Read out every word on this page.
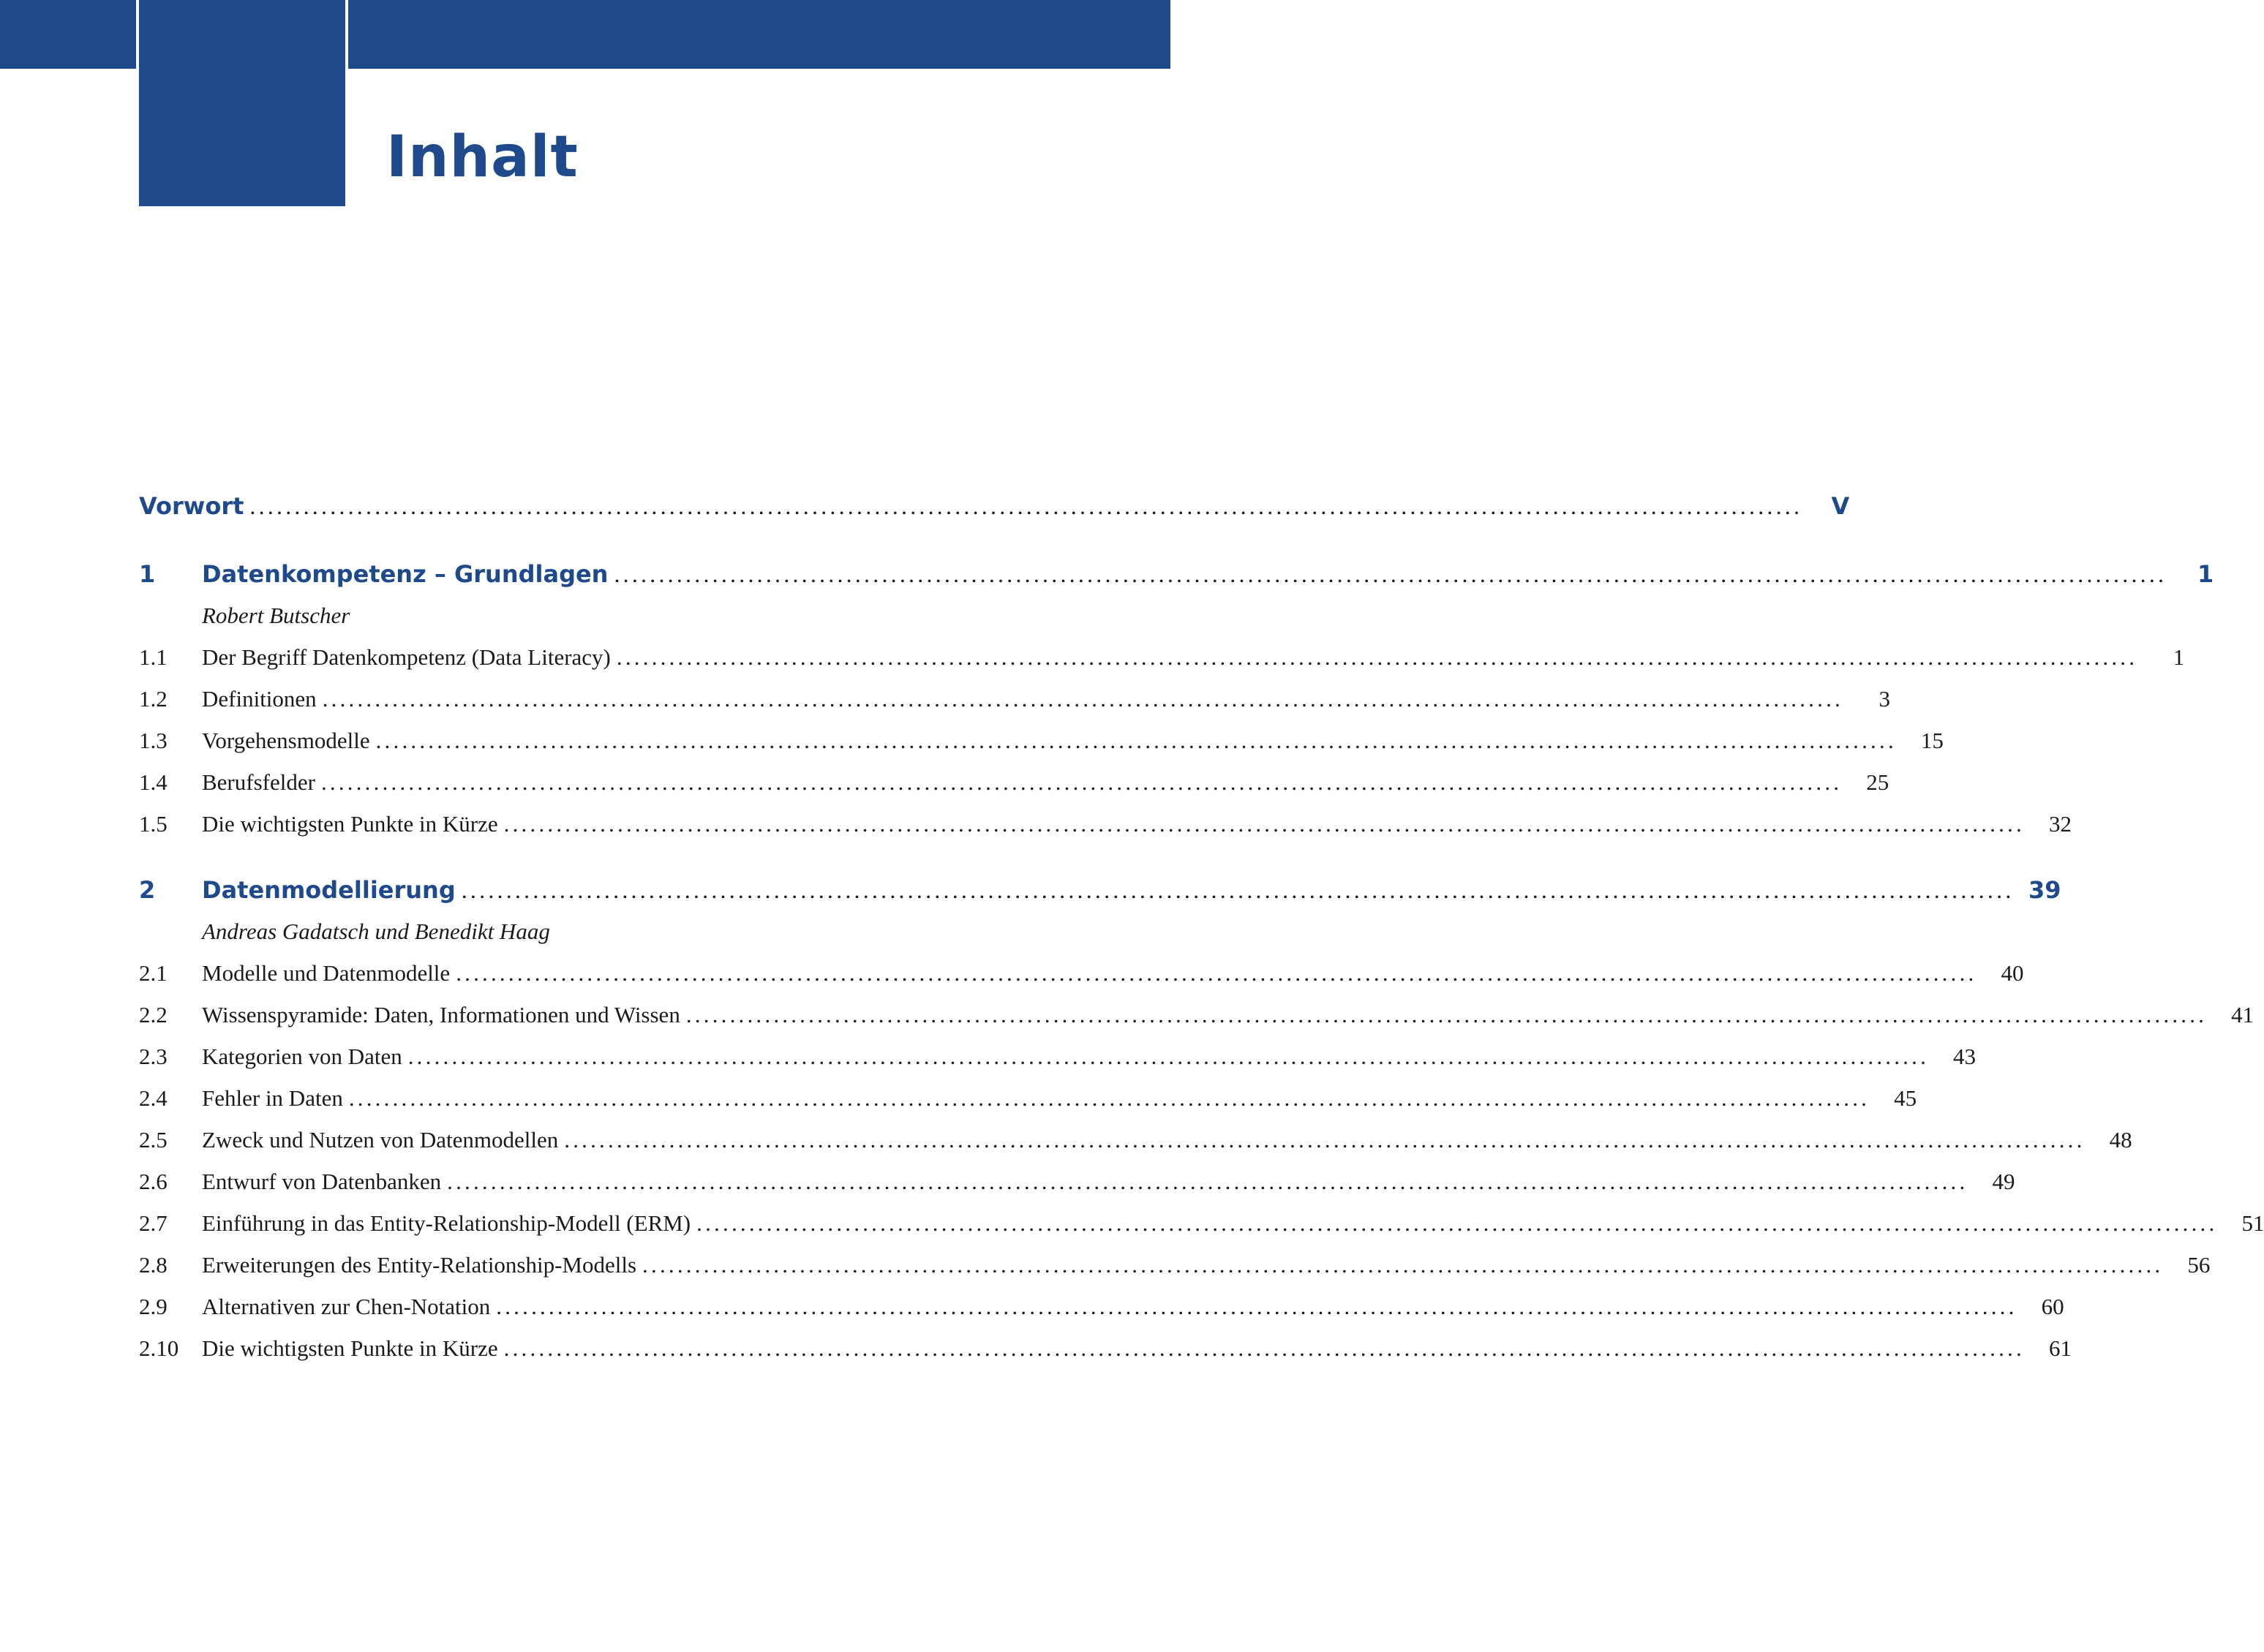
Inhalt
Vorwort ..............................................................................................................................................................................	V
1	Datenkompetenz – Grundlagen ..............................................................................................................................................................................	1
Robert Butscher
1.1	Der Begriff Datenkompetenz (Data Literacy) ..............................................................................................................................................................................	1
1.2	Definitionen ..............................................................................................................................................................................	3
1.3	Vorgehensmodelle ..............................................................................................................................................................................	15
1.4	Berufsfelder ..............................................................................................................................................................................	25
1.5	Die wichtigsten Punkte in Kürze ..............................................................................................................................................................................	32
2	Datenmodellierung .............................................................................................................................................................................. 39
Andreas Gadatsch und Benedikt Haag
2.1	Modelle und Datenmodelle ..............................................................................................................................................................................	40
2.2	Wissenspyramide: Daten, Informationen und Wissen ..............................................................................................................................................................................	41
2.3	Kategorien von Daten ..............................................................................................................................................................................	43
2.4	Fehler in Daten ..............................................................................................................................................................................	45
2.5	Zweck und Nutzen von Datenmodellen ..............................................................................................................................................................................	48
2.6	Entwurf von Datenbanken ..............................................................................................................................................................................	49
2.7	Einführung in das Entity-Relationship-Modell (ERM) ..............................................................................................................................................................................	51
2.8	Erweiterungen des Entity-Relationship-Modells ..............................................................................................................................................................................	56
2.9	Alternativen zur Chen-Notation ..............................................................................................................................................................................	60
2.10	Die wichtigsten Punkte in Kürze ..............................................................................................................................................................................	61
